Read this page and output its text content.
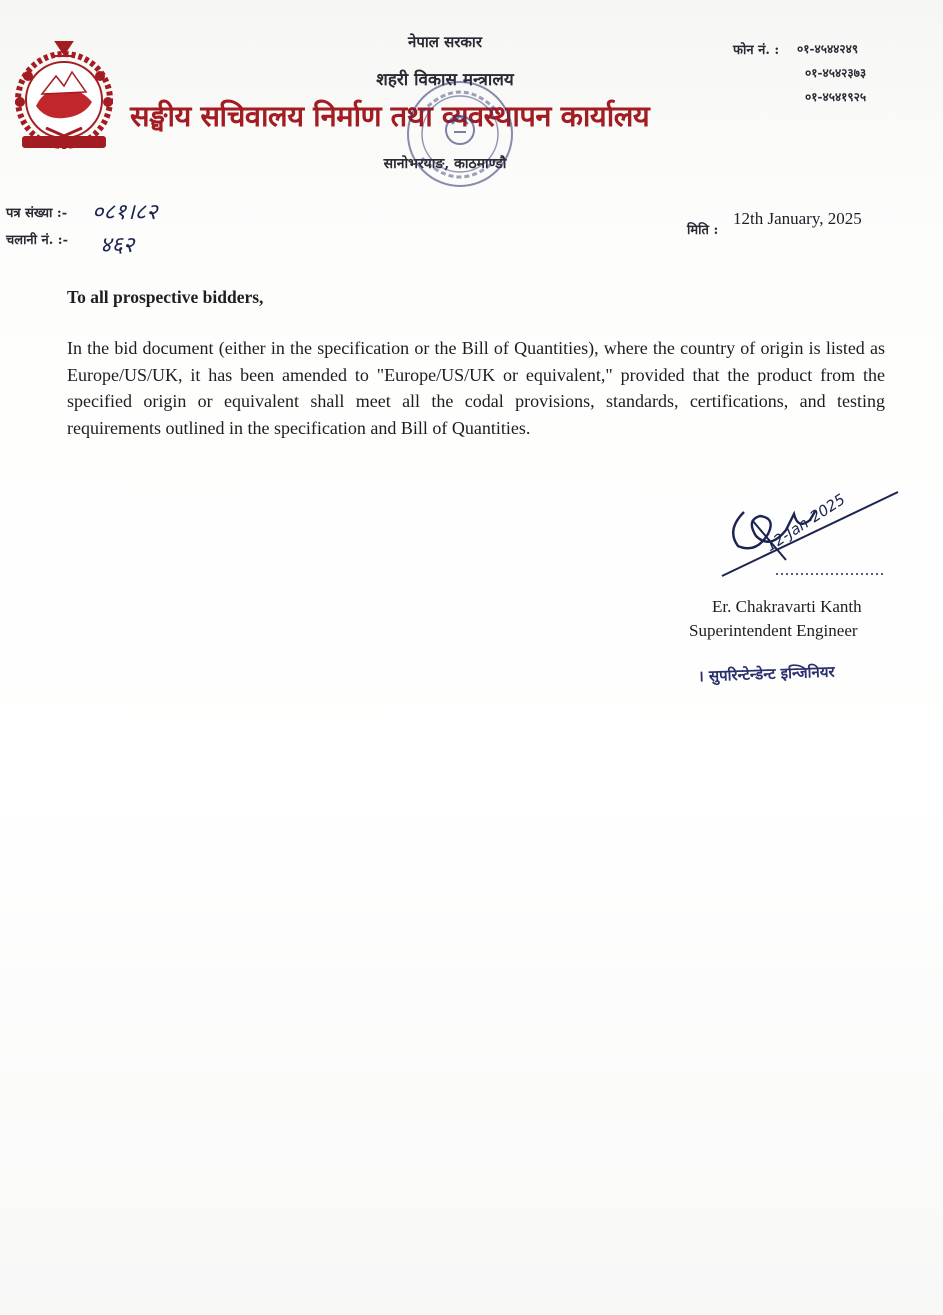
नेपाल सरकार
शहरी विकास मन्त्रालय
सङ्घीय सचिवालय निर्माण तथा व्यवस्थापन कार्यालय
सानोभरयाङ, काठमाण्डौ
फोन नं. : ०१-४५४४२४९
०१-४५४२३७३
०१-४५४१९२५
पत्र संख्या :- ०८१।८२
चलानी नं. :- ४६२
मिति :
12th January, 2025
To all prospective bidders,
In the bid document (either in the specification or the Bill of Quantities), where the country of origin is listed as Europe/US/UK, it has been amended to "Europe/US/UK or equivalent," provided that the product from the specified origin or equivalent shall meet all the codal provisions, standards, certifications, and testing requirements outlined in the specification and Bill of Quantities.
12-Jan-2025
Er. Chakravarti Kanth
Superintendent Engineer
। सुपरिन्टेन्डेन्ट इन्जिनियर
